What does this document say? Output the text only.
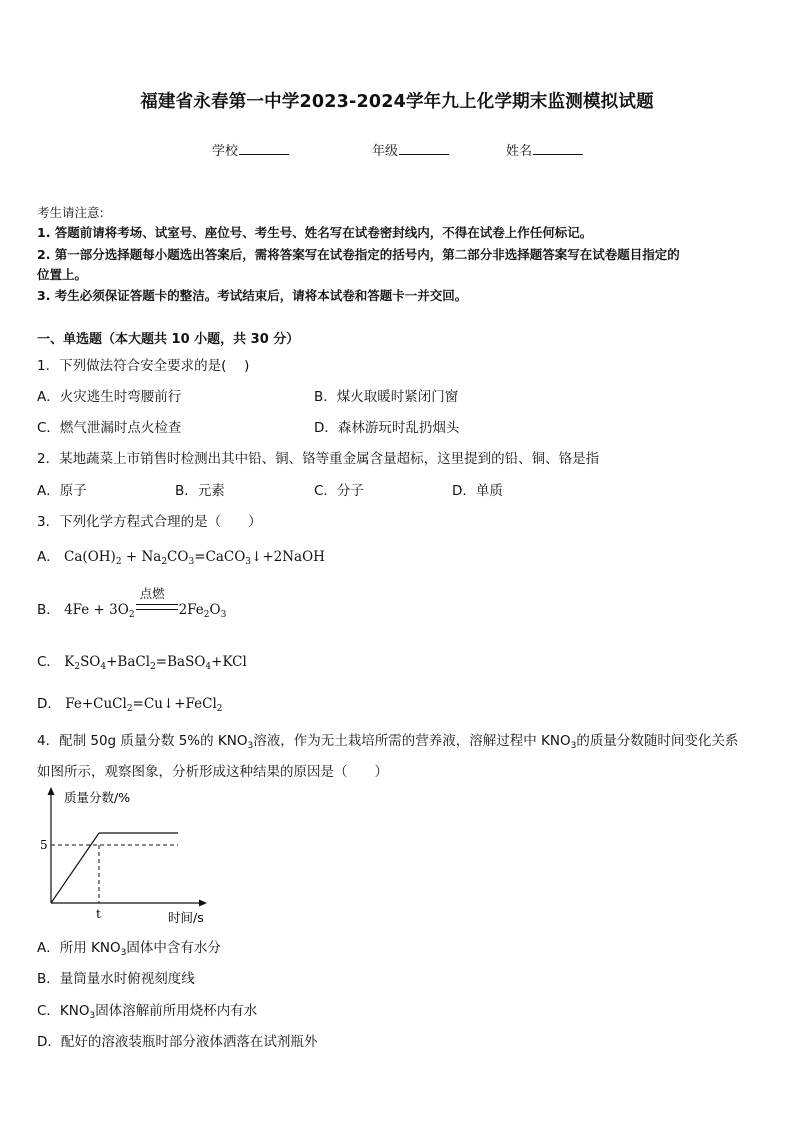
福建省永春第一中学2023-2024学年九上化学期末监测模拟试题
学校	年级	姓名
考生请注意:
1. 答题前请将考场、试室号、座位号、考生号、姓名写在试卷密封线内，不得在试卷上作任何标记。
2. 第一部分选择题每小题选出答案后，需将答案写在试卷指定的括号内，第二部分非选择题答案写在试卷题目指定的
位置上。
3. 考生必须保证答题卡的整洁。考试结束后，请将本试卷和答题卡一并交回。
一、单选题（本大题共 10 小题，共 30 分）
1．下列做法符合安全要求的是(　 )
A．火灾逃生时弯腰前行	B．煤火取暖时紧闭门窗
C．燃气泄漏时点火检查	D．森林游玩时乱扔烟头
2．某地蔬菜上市销售时检测出其中铅、铜、铬等重金属含量超标，这里提到的铅、铜、铬是指
A．原子	B．元素	C．分子	D．单质
3．下列化学方程式合理的是（　　）
A． $Ca(OH)_2$ + $Na_2CO_3=CaCO_3↓+2NaOH$
B． $4Fe + 3O_2$
点燃
$2Fe_2O_3$
C． $K_2SO_4+BaCl_2=BaSO_4+KCl$
D． Fe+CuCl$_2$=Cu↓+FeCl$_2$
4．配制 50g 质量分数 5%的 $KNO_3$溶液，作为无土栽培所需的营养液，溶解过程中 $KNO_3$的质量分数随时间变化关系
如图所示，观察图象，分析形成这种结果的原因是（　　）
质量分数/%
时间/s
5
t
A．所用 $KNO_3$固体中含有水分
B．量筒量水时俯视刻度线
C．$KNO_3$固体溶解前所用烧杯内有水
D．配好的溶液装瓶时部分液体洒落在试剂瓶外
